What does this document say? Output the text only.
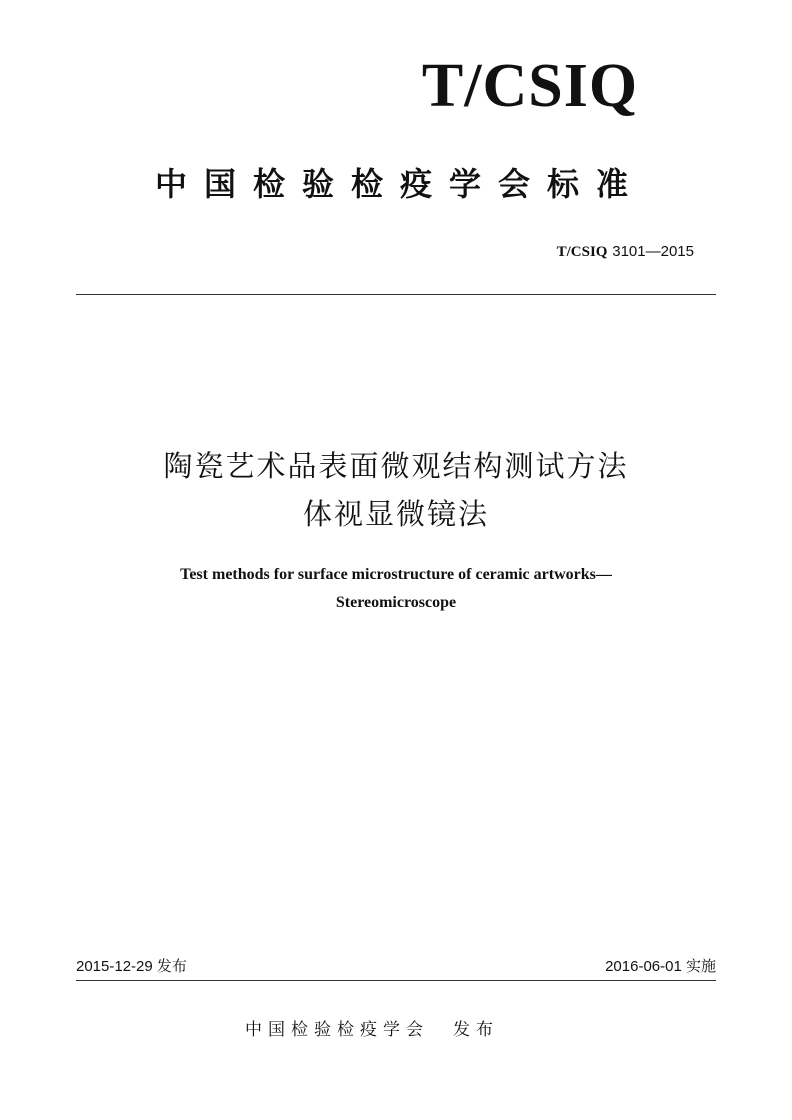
T/CSIQ
中国检验检疫学会标准
T/CSIQ 3101—2015
陶瓷艺术品表面微观结构测试方法
体视显微镜法
Test methods for surface microstructure of ceramic artworks—
Stereomicroscope
2015-12-29 发布	2016-06-01 实施
中国检验检疫学会 发布
